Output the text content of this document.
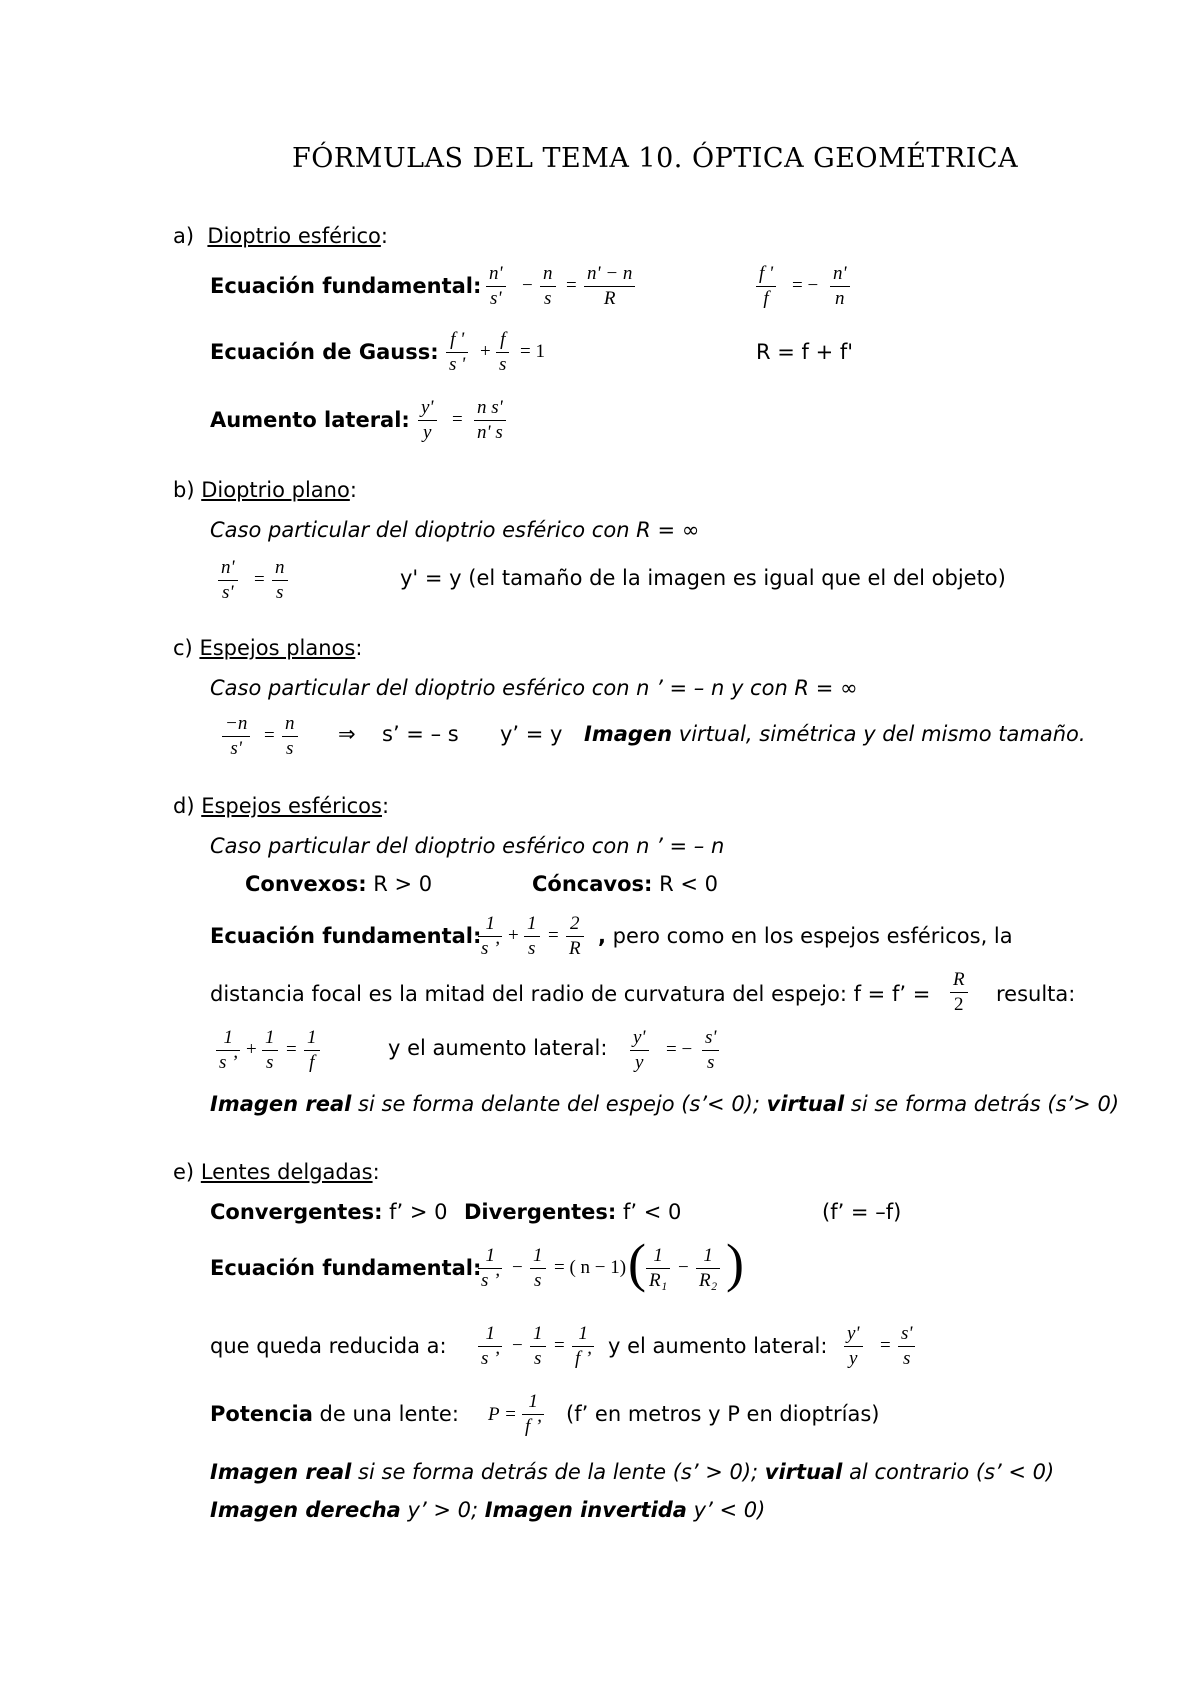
FÓRMULAS DEL TEMA 10. ÓPTICA GEOMÉTRICA
a) Dioptrio esférico:
Ecuación fundamental: $\frac{n'}{s'} - \frac{n}{s} = \frac{n' - n}{R}$	$\frac{f '}{f}$ = − $\frac{n'}{n}$
Ecuación de Gauss: $\frac{f '}{s '} + \frac{f}{s} = 1$	R = f + f'
Aumento lateral: $\frac{y'}{y} = \frac{\text{n s'}}{n' s}$
b) Dioptrio plano:
Caso particular del dioptrio esférico con R = ∞
$\frac{n'}{s'} = \frac{n}{s}$	y' = y (el tamaño de la imagen es igual que el del objeto)
c) Espejos planos:
Caso particular del dioptrio esférico con n ’ = – n y con R = ∞
$\frac{-n}{s'} = \frac{n}{s}$ ⇒ s’ = – s y’ = y Imagen virtual, simétrica y del mismo tamaño.
d) Espejos esféricos:
Caso particular del dioptrio esférico con n ’ = – n
Convexos: R > 0	Cóncavos: R < 0
Ecuación fundamental:
$\frac{1}{s ’} + \frac{1}{s} = \frac{2}{R}$ , pero como en los espejos esféricos, la
distancia focal es la mitad del radio de curvatura del espejo: f = f’ = $\frac{R}{2}$ resulta:
$\frac{1}{s ’} + \frac{1}{s} = \frac{1}{f}$	y el aumento lateral: $\frac{y'}{y}$ = − $\frac{s'}{s}$
Imagen real si se forma delante del espejo (s’< 0); virtual si se forma detrás (s’> 0)
e) Lentes delgadas:
Convergentes: f’ > 0 Divergentes: f’ < 0	(f’ = –f)
Ecuación fundamental:
$\frac{1}{s ’} - \frac{1}{s}$ = ( n − 1) ( $\frac{1}{\text{R₁}} - \frac{1}{\text{R₂}}$ )
que queda reducida a: $\frac{1}{s ’} - \frac{1}{s} = \frac{1}{f ’}$ y el aumento lateral: $\frac{y'}{y} = \frac{s'}{s}$
Potencia de una lente: $P = \frac{1}{f ’} (f$’ en metros y P en dioptrías)
Imagen real si se forma detrás de la lente (s’ > 0); virtual al contrario (s’ < 0)
Imagen derecha y’ > 0; Imagen invertida y’ < 0)
